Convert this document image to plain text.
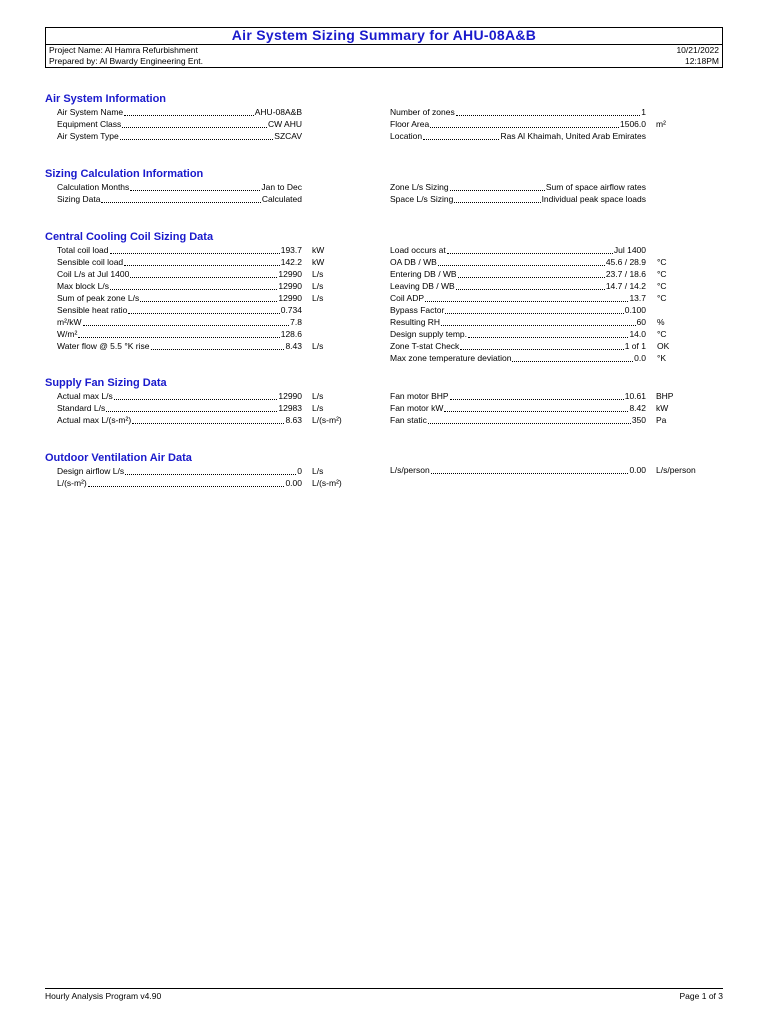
Air System Sizing Summary for AHU-08A&B
Project Name: Al Hamra Refurbishment	10/21/2022
Prepared by: Al Bwardy Engineering Ent.	12:18PM
Air System Information
Air System Name	AHU-08A&B
Equipment Class	CW AHU
Air System Type	SZCAV
Number of zones	1
Floor Area	1506.0 m²
Location	Ras Al Khaimah, United Arab Emirates
Sizing Calculation Information
Calculation Months	Jan to Dec
Sizing Data	Calculated
Zone L/s Sizing	Sum of space airflow rates
Space L/s Sizing	Individual peak space loads
Central Cooling Coil Sizing Data
Total coil load	193.7 kW
Sensible coil load	142.2 kW
Coil L/s at Jul 1400	12990 L/s
Max block L/s	12990 L/s
Sum of peak zone L/s	12990 L/s
Sensible heat ratio	0.734
m²/kW	7.8
W/m²	128.6
Water flow @ 5.5 °K rise	8.43 L/s
Load occurs at	Jul 1400
OA DB / WB	45.6 / 28.9 °C
Entering DB / WB	23.7 / 18.6 °C
Leaving DB / WB	14.7 / 14.2 °C
Coil ADP	13.7 °C
Bypass Factor	0.100
Resulting RH	60 %
Design supply temp.	14.0 °C
Zone T-stat Check	1 of 1 OK
Max zone temperature deviation	0.0 °K
Supply Fan Sizing Data
Actual max L/s	12990 L/s
Standard L/s	12983 L/s
Actual max L/(s-m²)	8.63 L/(s-m²)
Fan motor BHP	10.61 BHP
Fan motor kW	8.42 kW
Fan static	350 Pa
Outdoor Ventilation Air Data
Design airflow L/s	0 L/s
L/(s-m²)	0.00 L/(s-m²)
L/s/person	0.00 L/s/person
Hourly Analysis Program v4.90	Page 1 of 3
